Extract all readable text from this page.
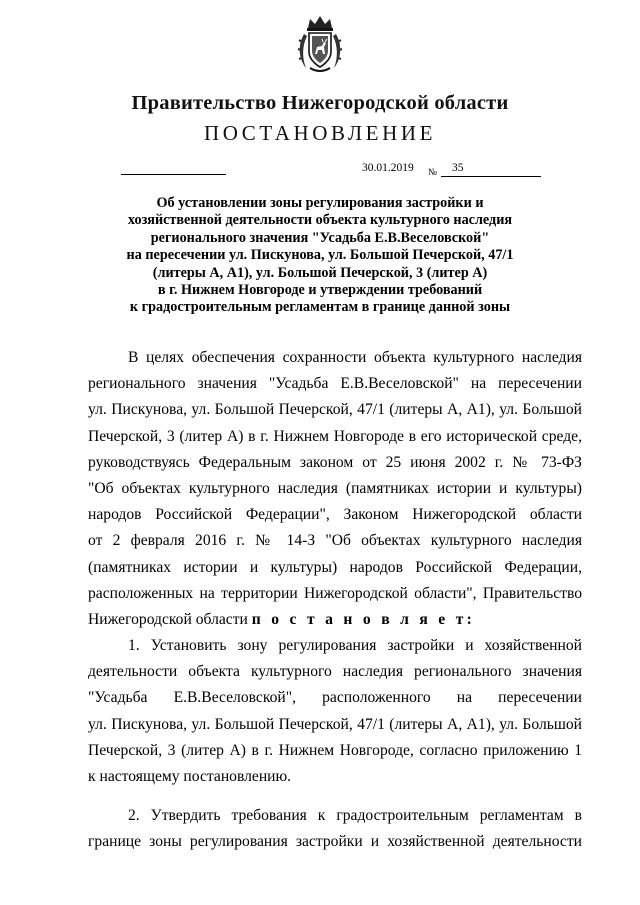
Правительство Нижегородской области
ПОСТАНОВЛЕНИЕ
30.01.2019 № 35
Об установлении зоны регулирования застройки и
хозяйственной деятельности объекта культурного наследия
регионального значения "Усадьба Е.В.Веселовской"
на пересечении ул. Пискунова, ул. Большой Печерской, 47/1
(литеры А, А1), ул. Большой Печерской, 3 (литер А)
в г. Нижнем Новгороде и утверждении требований
к градостроительным регламентам в границе данной зоны
В целях обеспечения сохранности объекта культурного наследия
регионального значения "Усадьба Е.В.Веселовской" на пересечении
ул. Пискунова, ул. Большой Печерской, 47/1 (литеры А, А1), ул. Большой
Печерской, 3 (литер А) в г. Нижнем Новгороде в его исторической среде,
руководствуясь Федеральным законом от 25 июня 2002 г. № 73-ФЗ
"Об объектах культурного наследия (памятниках истории и культуры)
народов Российской Федерации", Законом Нижегородской области
от 2 февраля 2016 г. № 14-З "Об объектах культурного наследия
(памятниках истории и культуры) народов Российской Федерации,
расположенных на территории Нижегородской области", Правительство
Нижегородской области п о с т а н о в л я е т:
1. Установить зону регулирования застройки и хозяйственной
деятельности объекта культурного наследия регионального значения
"Усадьба Е.В.Веселовской", расположенного на пересечении
ул. Пискунова, ул. Большой Печерской, 47/1 (литеры А, А1), ул. Большой
Печерской, 3 (литер А) в г. Нижнем Новгороде, согласно приложению 1
к настоящему постановлению.
2. Утвердить требования к градостроительным регламентам в
границе зоны регулирования застройки и хозяйственной деятельности
